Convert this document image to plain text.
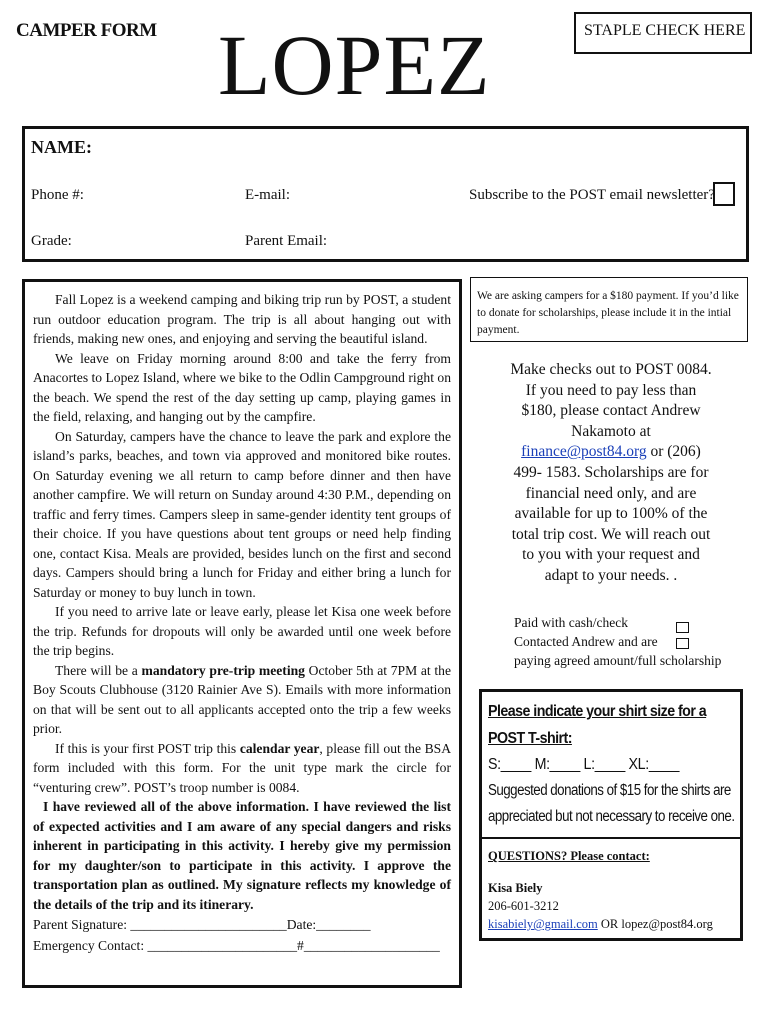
CAMPER FORM LOPEZ	STAPLE CHECK HERE
NAME:
Phone #:	E-mail:	Subscribe to the POST email newsletter?
Grade:	Parent Email:

Fall Lopez is a weekend camping and biking trip run by POST, a student run outdoor education program. The trip is all about hanging out with friends, making new ones, and enjoying and serving the beautiful island.

We leave on Friday morning around 8:00 and take the ferry from Anacortes to Lopez Island, where we bike to the Odlin Campground right on the beach. We spend the rest of the day setting up camp, playing games in the field, relaxing, and hanging out by the campfire.

On Saturday, campers have the chance to leave the park and explore the island’s parks, beaches, and town via approved and monitored bike routes. On Saturday evening we all return to camp before dinner and then have another campfire. We will return on Sunday around 4:30 P.M., depending on traffic and ferry times. Campers sleep in same-gender identity tent groups of their choice. If you have questions about tent groups or need help finding one, contact Kisa. Meals are provided, besides lunch on the first and second days. Campers should bring a lunch for Friday and either bring a lunch for Saturday or money to buy lunch in town.

If you need to arrive late or leave early, please let Kisa one week before the trip. Refunds for dropouts will only be awarded until one week before the trip begins.

There will be a mandatory pre-trip meeting October 5th at 7PM at the Boy Scouts Clubhouse (3120 Rainier Ave S). Emails with more information on that will be sent out to all applicants accepted onto the trip a few weeks prior.

If this is your first POST trip this calendar year, please fill out the BSA form included with this form. For the unit type mark the circle for “venturing crew”. POST’s troop number is 0084.

I have reviewed all of the above information. I have reviewed the list of expected activities and I am aware of any special dangers and risks inherent in participating in this activity. I hereby give my permission for my daughter/son to participate in this activity. I approve the transportation plan as outlined. My signature reflects my knowledge of the details of the trip and its itinerary.

Parent Signature: _______________________Date:________
Emergency Contact: ______________________#____________________
We are asking campers for a $180 payment. If you’d like to donate for scholarships, please include it in the intial payment.
Make checks out to POST 0084. If you need to pay less than $180, please contact Andrew Nakamoto at finance@post84.org or (206) 499- 1583. Scholarships are for financial need only, and are available for up to 100% of the total trip cost. We will reach out to you with your request and adapt to your needs. .
Paid with cash/check
Contacted Andrew and are
paying agreed amount/full scholarship
Please indicate your shirt size for a
POST T-shirt:
S:____ M:____ L:____ XL:____
Suggested donations of $15 for the shirts are appreciated but not necessary to receive one.
QUESTIONS? Please contact:
Kisa Biely
206-601-3212
kisabiely@gmail.com OR lopez@post84.org
